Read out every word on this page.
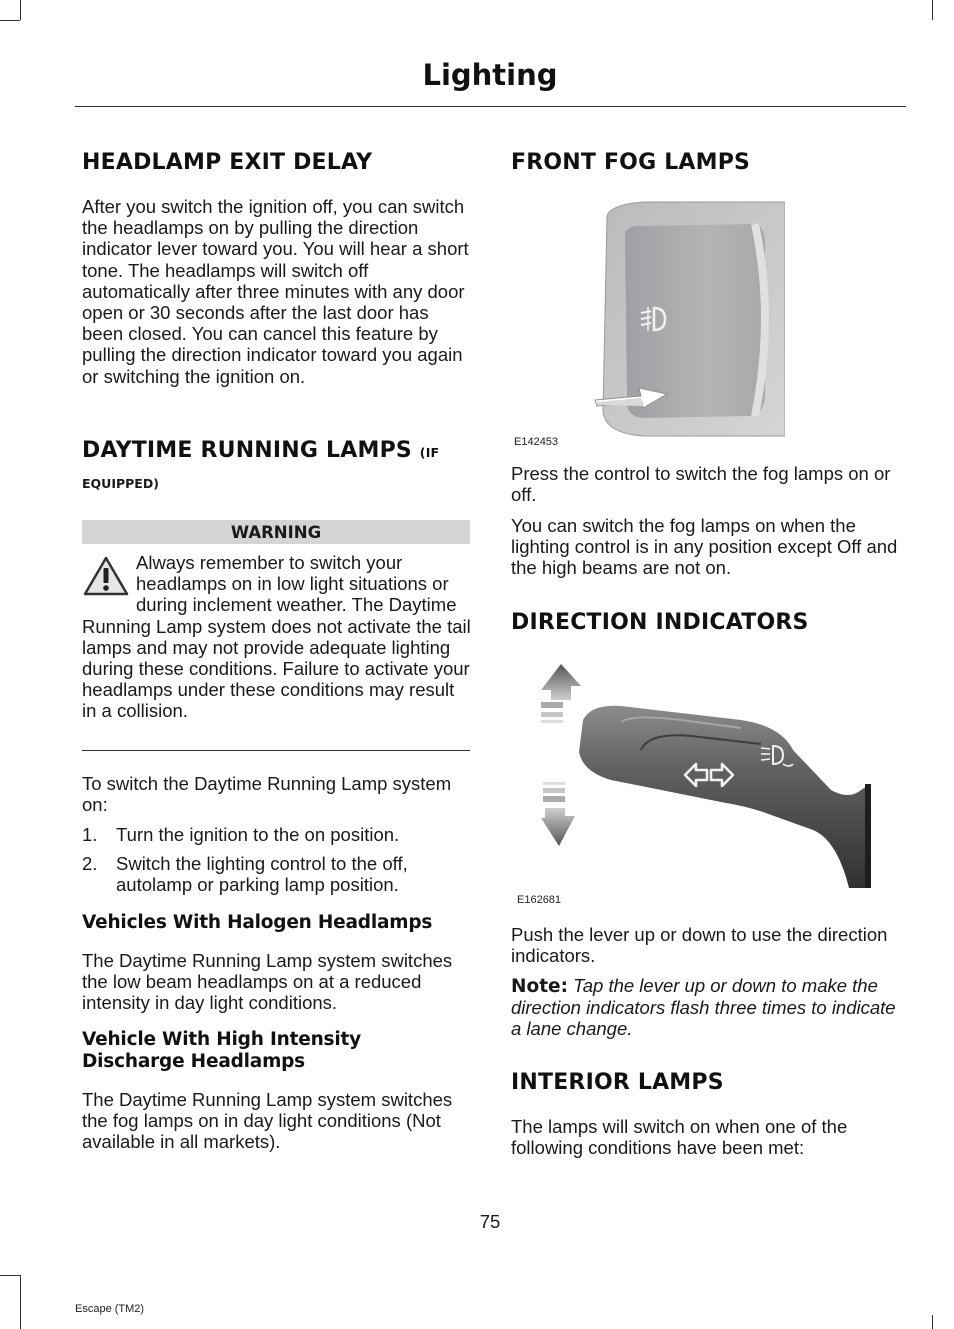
Lighting
HEADLAMP EXIT DELAY

After you switch the ignition off, you can switch the headlamps on by pulling the direction indicator lever toward you. You will hear a short tone. The headlamps will switch off automatically after three minutes with any door open or 30 seconds after the last door has been closed. You can cancel this feature by pulling the direction indicator toward you again or switching the ignition on.

DAYTIME RUNNING LAMPS (IF
EQUIPPED)
WARNING

Always remember to switch your headlamps on in low light situations or during inclement weather. The Daytime Running Lamp system does not activate the tail lamps and may not provide adequate lighting during these conditions. Failure to activate your headlamps under these conditions may result in a collision.

To switch the Daytime Running Lamp system on:

1. Turn the ignition to the on position.
2. Switch the lighting control to the off, autolamp or parking lamp position.
Vehicles With Halogen Headlamps

The Daytime Running Lamp system switches the low beam headlamps on at a reduced intensity in day light conditions.

Vehicle With High Intensity Discharge Headlamps

The Daytime Running Lamp system switches the fog lamps on in day light conditions (Not available in all markets).

FRONT FOG LAMPS
E142453

Press the control to switch the fog lamps on or off.

You can switch the fog lamps on when the lighting control is in any position except Off and the high beams are not on.

DIRECTION INDICATORS
E162681

Push the lever up or down to use the direction indicators.

Note: Tap the lever up or down to make the direction indicators flash three times to indicate a lane change.

INTERIOR LAMPS

The lamps will switch on when one of the following conditions have been met:

75
Escape (TM2)
